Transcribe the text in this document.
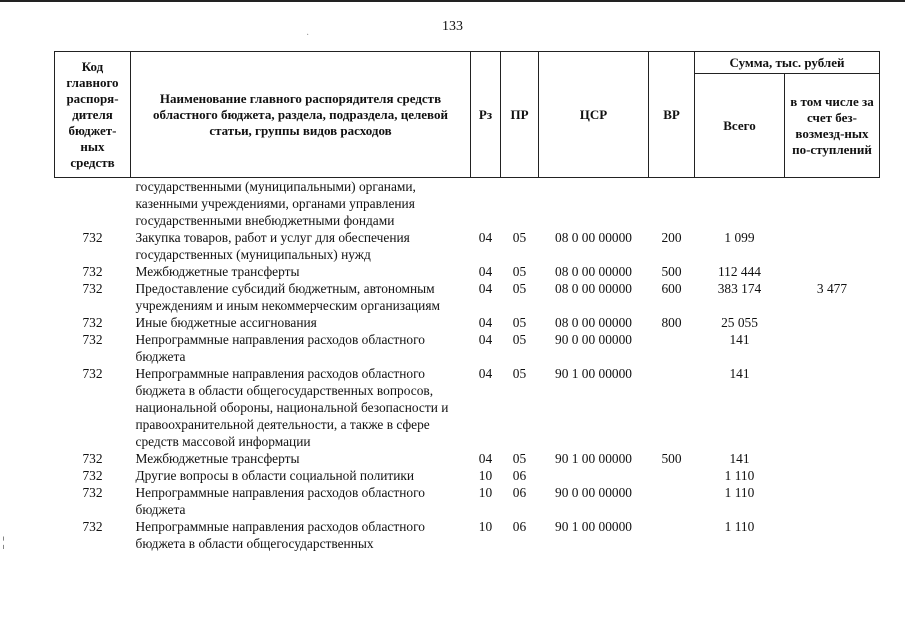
133
Код главного распоря-дителя бюджет-ных средств	Наименование главного распорядителя средств областного бюджета, раздела, подраздела, целевой статьи, группы видов расходов	Рз	ПР	ЦСР	ВР	Сумма, тыс. рублей	
						Всего	в том числе за счет без-возмезд-ных по-ступлений
	государственными (муниципальными) органами, казенными учреждениями, органами управления государственными внебюджетными фондами						
732	Закупка товаров, работ и услуг для обеспечения государственных (муниципальных) нужд	04	05	08 0 00 00000	200	1 099	
732	Межбюджетные трансферты	04	05	08 0 00 00000	500	112 444	
732	Предоставление субсидий бюджетным, автономным учреждениям и иным некоммерческим организациям	04	05	08 0 00 00000	600	383 174	3 477
732	Иные бюджетные ассигнования	04	05	08 0 00 00000	800	25 055	
732	Непрограммные направления расходов областного бюджета	04	05	90 0 00 00000		141	
732	Непрограммные направления расходов областного бюджета в области общегосударственных вопросов, национальной обороны, национальной безопасности и правоохранительной деятельности, а также в сфере средств массовой информации	04	05	90 1 00 00000		141	
732	Межбюджетные трансферты	04	05	90 1 00 00000	500	141	
732	Другие вопросы в области социальной политики	10	06			1 110	
732	Непрограммные направления расходов областного бюджета	10	06	90 0 00 00000		1 110	
732	Непрограммные направления расходов областного бюджета в области общегосударственных	10	06	90 1 00 00000		1 110	
·
¦
